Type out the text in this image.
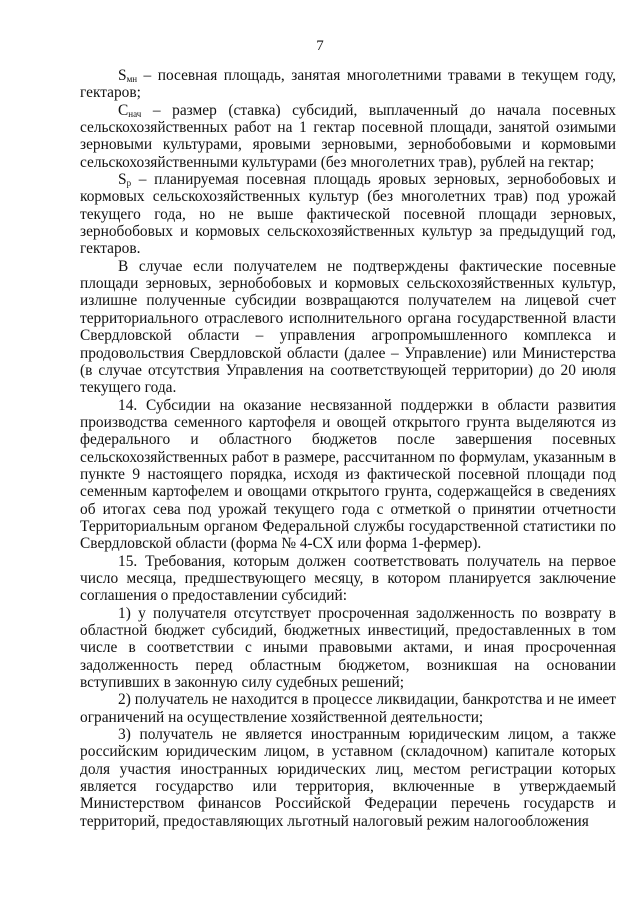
7

$S_{мн}$ – посевная площадь, занятая многолетними травами в текущем году, гектаров;

$С_{нач}$ – размер (ставка) субсидий, выплаченный до начала посевных сельскохозяйственных работ на 1 гектар посевной площади, занятой озимыми зерновыми культурами, яровыми зерновыми, зернобобовыми и кормовыми сельскохозяйственными культурами (без многолетних трав), рублей на гектар;

$S_р$ – планируемая посевная площадь яровых зерновых, зернобобовых и кормовых сельскохозяйственных культур (без многолетних трав) под урожай текущего года, но не выше фактической посевной площади зерновых, зернобобовых и кормовых сельскохозяйственных культур за предыдущий год, гектаров.

В случае если получателем не подтверждены фактические посевные площади зерновых, зернобобовых и кормовых сельскохозяйственных культур, излишне полученные субсидии возвращаются получателем на лицевой счет территориального отраслевого исполнительного органа государственной власти Свердловской области – управления агропромышленного комплекса и продовольствия Свердловской области (далее – Управление) или Министерства (в случае отсутствия Управления на соответствующей территории) до 20 июля текущего года.

14. Субсидии на оказание несвязанной поддержки в области развития производства семенного картофеля и овощей открытого грунта выделяются из федерального и областного бюджетов после завершения посевных сельскохозяйственных работ в размере, рассчитанном по формулам, указанным в пункте 9 настоящего порядка, исходя из фактической посевной площади под семенным картофелем и овощами открытого грунта, содержащейся в сведениях об итогах сева под урожай текущего года с отметкой о принятии отчетности Территориальным органом Федеральной службы государственной статистики по Свердловской области (форма № 4-СХ или форма 1-фермер).

15. Требования, которым должен соответствовать получатель на первое число месяца, предшествующего месяцу, в котором планируется заключение соглашения о предоставлении субсидий:

1) у получателя отсутствует просроченная задолженность по возврату в областной бюджет субсидий, бюджетных инвестиций, предоставленных в том числе в соответствии с иными правовыми актами, и иная просроченная задолженность перед областным бюджетом, возникшая на основании вступивших в законную силу судебных решений;

2) получатель не находится в процессе ликвидации, банкротства и не имеет ограничений на осуществление хозяйственной деятельности;

3) получатель не является иностранным юридическим лицом, а также российским юридическим лицом, в уставном (складочном) капитале которых доля участия иностранных юридических лиц, местом регистрации которых является государство или территория, включенные в утверждаемый Министерством финансов Российской Федерации перечень государств и территорий, предоставляющих льготный налоговый режим налогообложения
